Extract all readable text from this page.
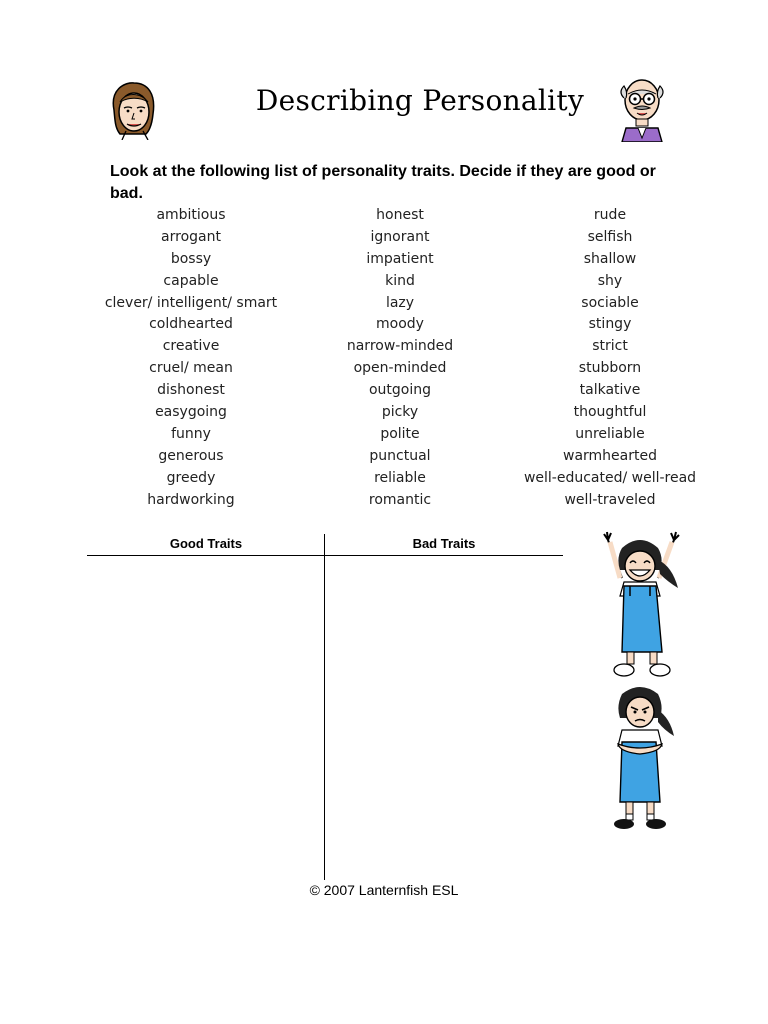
Describing Personality
Look at the following list of personality traits. Decide if they are good or bad.
ambitious
arrogant
bossy
capable
clever/ intelligent/ smart
coldhearted
creative
cruel/ mean
dishonest
easygoing
funny
generous
greedy
hardworking
honest
ignorant
impatient
kind
lazy
moody
narrow-minded
open-minded
outgoing
picky
polite
punctual
reliable
romantic
rude
selfish
shallow
shy
sociable
stingy
strict
stubborn
talkative
thoughtful
unreliable
warmhearted
well-educated/ well-read
well-traveled
Good Traits	Bad Traits
© 2007 Lanternfish ESL
